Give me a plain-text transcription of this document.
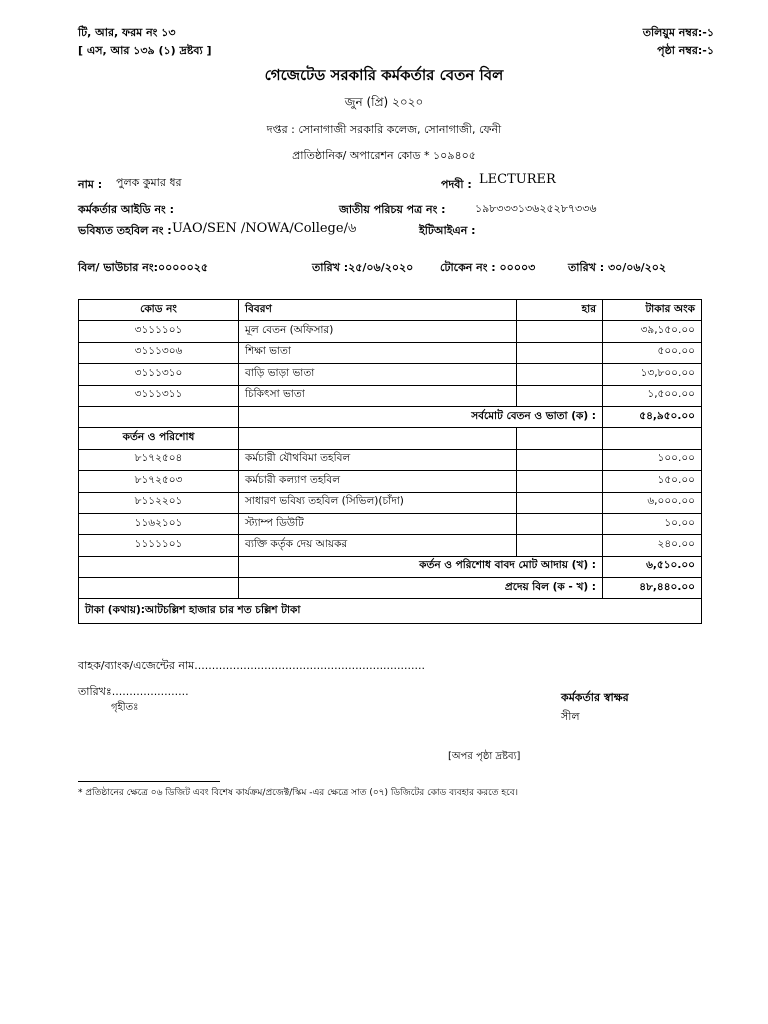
টি, আর, ফরম নং ১৩
[ এস, আর ১৩৯ (১) দ্রষ্টব্য ]
তলিয়ুম নম্বর:-১
পৃষ্ঠা নম্বর:-১
গেজেটেড সরকারি কর্মকর্তার বেতন বিল
জুন (প্রি) ২০২০
দপ্তর : সোনাগাজী সরকারি কলেজ, সোনাগাজী, ফেনী
প্রাতিষ্ঠানিক/ অপারেশন কোড * ১০৯৪০৫
নাম : পুলক কুমার ধর	পদবী : LECTURER
কর্মকর্তার আইডি নং :	জাতীয় পরিচয় পত্র নং :	১৯৮৩৩৩১৩৬২৫২৮৭৩৩৬
ভবিষ্যত তহবিল নং : UAO/SEN /NOWA/College/৬	ইটিআইএন :
বিল/ ভাউচার নং:০০০০০২৫	তারিখ :২৫/০৬/২০২০ টোকেন নং : ০০০০৩	তারিখ : ৩০/০৬/২০২
কোড নং	বিবরণ	হার	টাকার অংক
৩১১১১০১	মূল বেতন (অফিসার)		৩৯,১৫০.০০
৩১১১৩০৬	শিক্ষা ভাতা		৫০০.০০
৩১১১৩১০	বাড়ি ভাড়া ভাতা		১৩,৮০০.০০
৩১১১৩১১	চিকিৎসা ভাতা		১,৫০০.০০
	সর্বমোট বেতন ও ভাতা (ক) :		৫৪,৯৫০.০০
কর্তন ও পরিশোধ			
৮১৭২৫০৪	কর্মচারী যৌথবিমা তহবিল		১০০.০০
৮১৭২৫০৩	কর্মচারী কল্যাণ তহবিল		১৫০.০০
৮১১২২০১	সাধারণ ভবিষ্য তহবিল (সিভিল)(চাঁদা)		৬,০০০.০০
১১৬২১০১	স্ট্যাম্প ডিউটি		১০.০০
১১১১১০১	ব্যক্তি কর্তৃক দেয় আয়কর		২৪০.০০
	কর্তন ও পরিশোধ বাবদ মোট আদায় (খ) :		৬,৫১০.০০
	প্রদেয় বিল (ক - খ) :		৪৮,৪৪০.০০
টাকা (কথায়):আটচল্লিশ হাজার চার শত চল্লিশ টাকা			
বাহক/ব্যাংক/এজেন্টের নাম..................................................................
তারিখঃ......................
গৃহীতঃ
কর্মকর্তার স্বাক্ষর
সীল
[অপর পৃষ্ঠা দ্রষ্টব্য]
* প্রতিষ্ঠানের ক্ষেত্রে ০৬ ডিজিট এবং বিশেষ কার্যক্রম/প্রজেক্ট/স্কিম -এর ক্ষেত্রে সাত (০৭) ডিজিটের কোড ব্যবহার করতে হবে।
